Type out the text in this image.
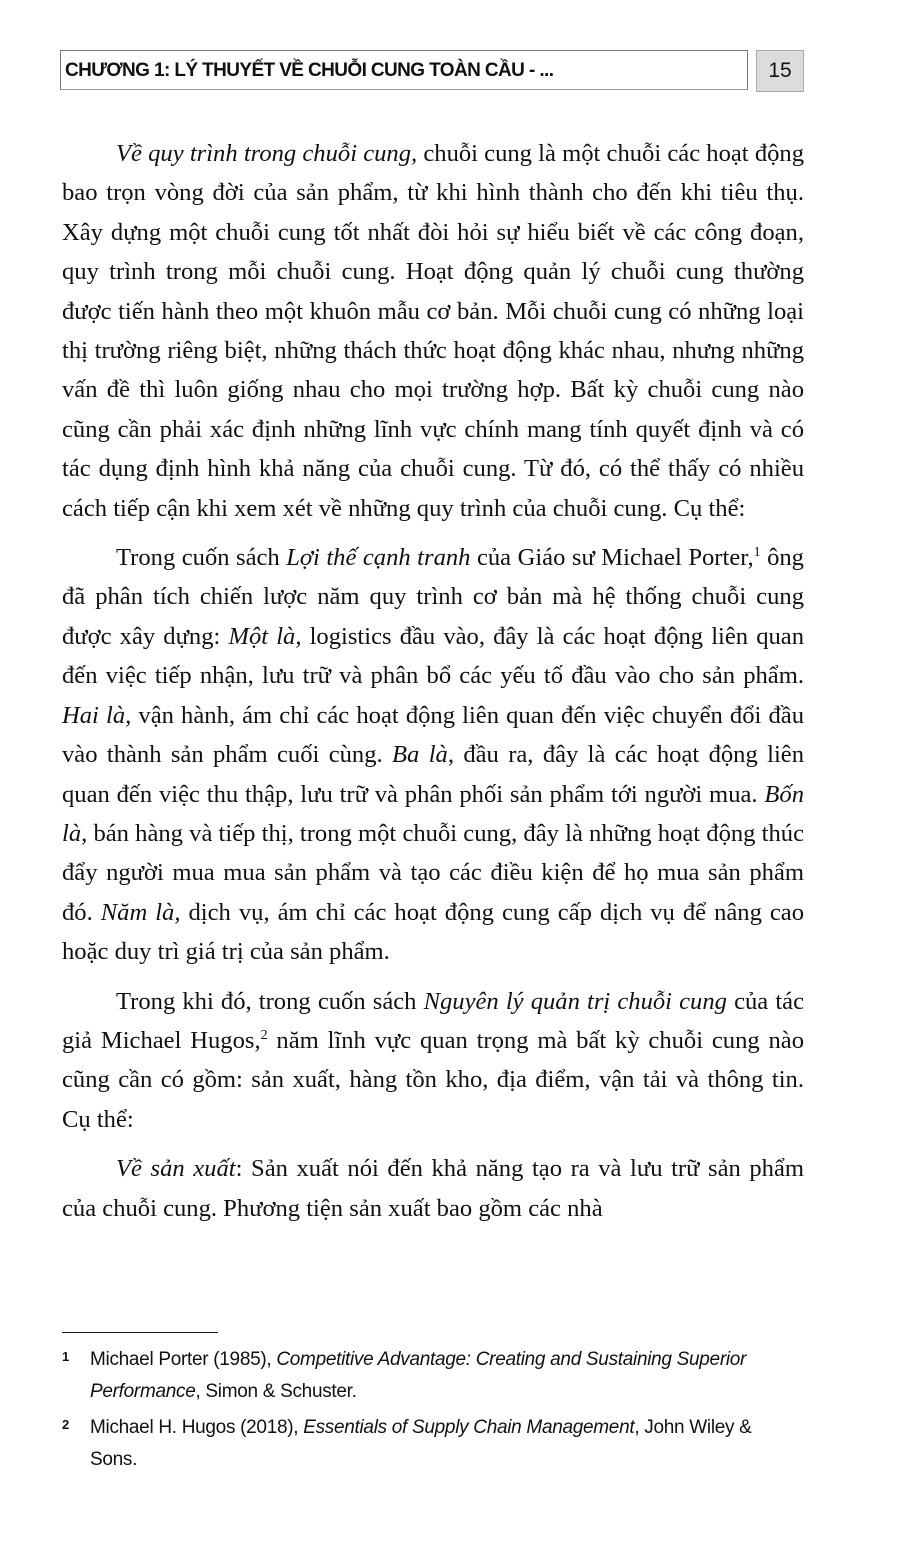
CHƯƠNG 1: LÝ THUYẾT VỀ CHUỖI CUNG TOÀN CẦU - ...	15

Về quy trình trong chuỗi cung, chuỗi cung là một chuỗi các hoạt động bao trọn vòng đời của sản phẩm, từ khi hình thành cho đến khi tiêu thụ. Xây dựng một chuỗi cung tốt nhất đòi hỏi sự hiểu biết về các công đoạn, quy trình trong mỗi chuỗi cung. Hoạt động quản lý chuỗi cung thường được tiến hành theo một khuôn mẫu cơ bản. Mỗi chuỗi cung có những loại thị trường riêng biệt, những thách thức hoạt động khác nhau, nhưng những vấn đề thì luôn giống nhau cho mọi trường hợp. Bất kỳ chuỗi cung nào cũng cần phải xác định những lĩnh vực chính mang tính quyết định và có tác dụng định hình khả năng của chuỗi cung. Từ đó, có thể thấy có nhiều cách tiếp cận khi xem xét về những quy trình của chuỗi cung. Cụ thể:

Trong cuốn sách Lợi thế cạnh tranh của Giáo sư Michael Porter,$^1$ ông đã phân tích chiến lược năm quy trình cơ bản mà hệ thống chuỗi cung được xây dựng: Một là, logistics đầu vào, đây là các hoạt động liên quan đến việc tiếp nhận, lưu trữ và phân bổ các yếu tố đầu vào cho sản phẩm. Hai là, vận hành, ám chỉ các hoạt động liên quan đến việc chuyển đổi đầu vào thành sản phẩm cuối cùng. Ba là, đầu ra, đây là các hoạt động liên quan đến việc thu thập, lưu trữ và phân phối sản phẩm tới người mua. Bốn là, bán hàng và tiếp thị, trong một chuỗi cung, đây là những hoạt động thúc đẩy người mua mua sản phẩm và tạo các điều kiện để họ mua sản phẩm đó. Năm là, dịch vụ, ám chỉ các hoạt động cung cấp dịch vụ để nâng cao hoặc duy trì giá trị của sản phẩm.

Trong khi đó, trong cuốn sách Nguyên lý quản trị chuỗi cung của tác giả Michael Hugos,$^2$ năm lĩnh vực quan trọng mà bất kỳ chuỗi cung nào cũng cần có gồm: sản xuất, hàng tồn kho, địa điểm, vận tải và thông tin. Cụ thể:

Về sản xuất: Sản xuất nói đến khả năng tạo ra và lưu trữ sản phẩm của chuỗi cung. Phương tiện sản xuất bao gồm các nhà

1 Michael Porter (1985), Competitive Advantage: Creating and Sustaining Superior Performance, Simon & Schuster.
2 Michael H. Hugos (2018), Essentials of Supply Chain Management, John Wiley & Sons.
